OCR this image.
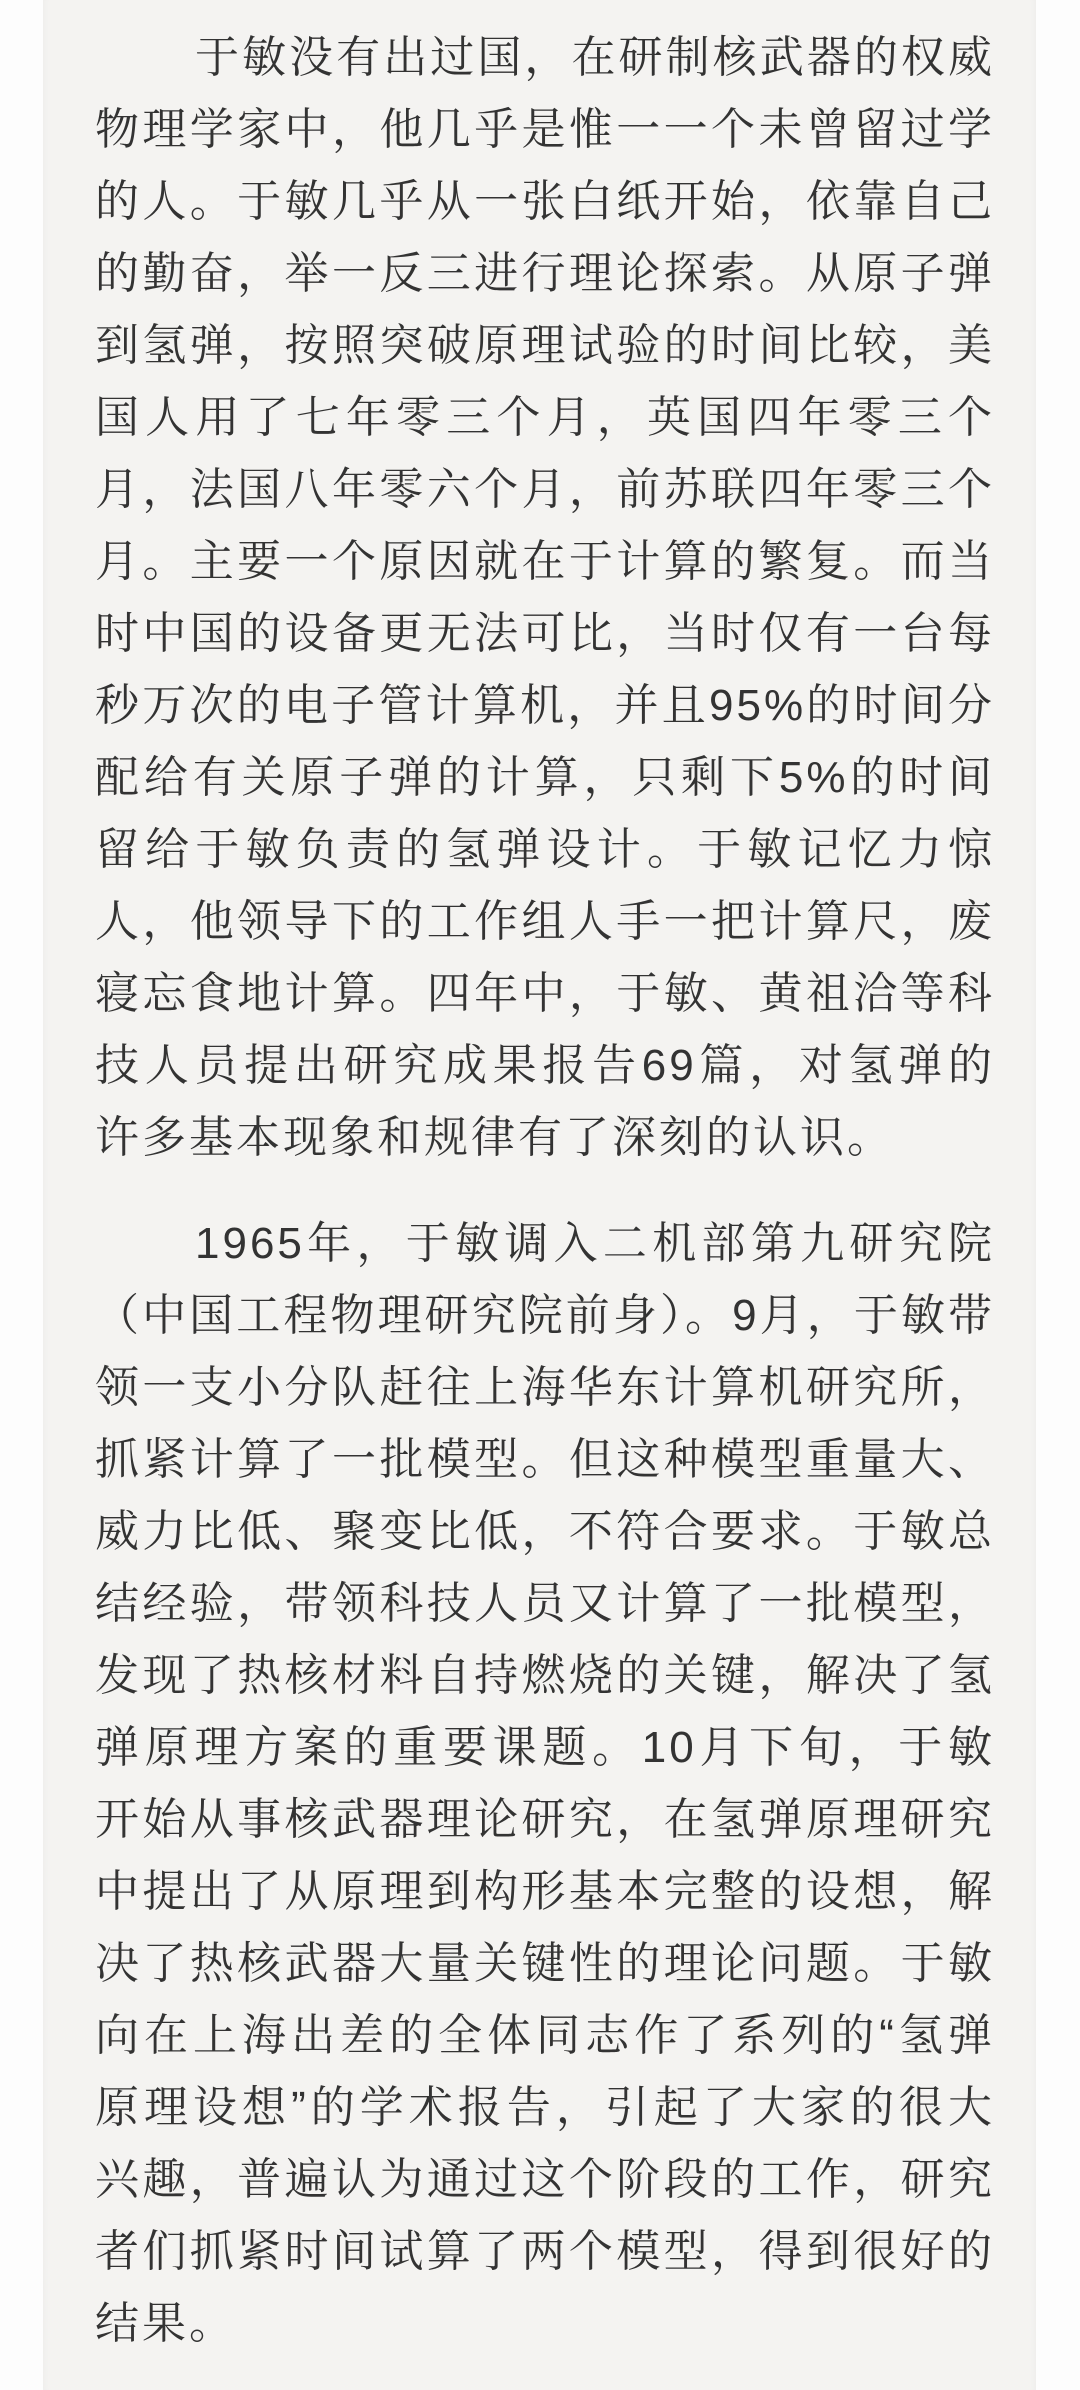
于敏没有出过国，在研制核武器的权威物理学家中，他几乎是惟一一个未曾留过学的人。于敏几乎从一张白纸开始，依靠自己的勤奋，举一反三进行理论探索。从原子弹到氢弹，按照突破原理试验的时间比较，美国人用了七年零三个月，英国四年零三个月，法国八年零六个月，前苏联四年零三个月。主要一个原因就在于计算的繁复。而当时中国的设备更无法可比，当时仅有一台每秒万次的电子管计算机，并且95%的时间分配给有关原子弹的计算，只剩下5%的时间留给于敏负责的氢弹设计。于敏记忆力惊人，他领导下的工作组人手一把计算尺，废寝忘食地计算。四年中，于敏、黄祖洽等科技人员提出研究成果报告69篇，对氢弹的许多基本现象和规律有了深刻的认识。

1965年，于敏调入二机部第九研究院（中国工程物理研究院前身）。9月，于敏带领一支小分队赶往上海华东计算机研究所，抓紧计算了一批模型。但这种模型重量大、威力比低、聚变比低，不符合要求。于敏总结经验，带领科技人员又计算了一批模型，发现了热核材料自持燃烧的关键，解决了氢弹原理方案的重要课题。10月下旬，于敏开始从事核武器理论研究，在氢弹原理研究中提出了从原理到构形基本完整的设想，解决了热核武器大量关键性的理论问题。于敏向在上海出差的全体同志作了系列的“氢弹原理设想”的学术报告，引起了大家的很大兴趣，普遍认为通过这个阶段的工作，研究者们抓紧时间试算了两个模型，得到很好的结果。
